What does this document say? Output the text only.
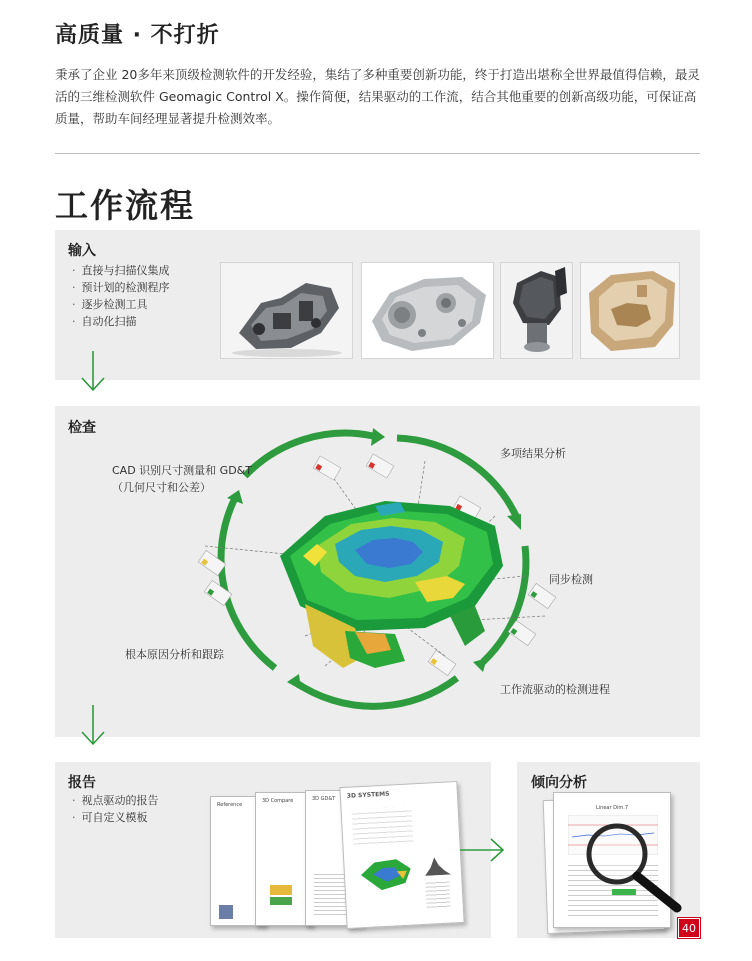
高质量 · 不打折

秉承了企业 20多年来顶级检测软件的开发经验，集结了多种重要创新功能，终于打造出堪称全世界最值得信赖，最灵活的三维检测软件 Geomagic Control X。操作简便，结果驱动的工作流，结合其他重要的创新高级功能，可保证高质量，帮助车间经理显著提升检测效率。

工作流程
输入
· 直接与扫描仪集成
· 预计划的检测程序
· 逐步检测工具
· 自动化扫描
检查
CAD 识别尺寸测量和 GD&T
（几何尺寸和公差）
多项结果分析
同步检测
根本原因分析和跟踪
工作流驱动的检测进程
报告
· 视点驱动的报告
· 可自定义模板
Reference
3D Compare	3D GD&T 3D SYSTEMS
倾向分析
Linear Dim.7
40
